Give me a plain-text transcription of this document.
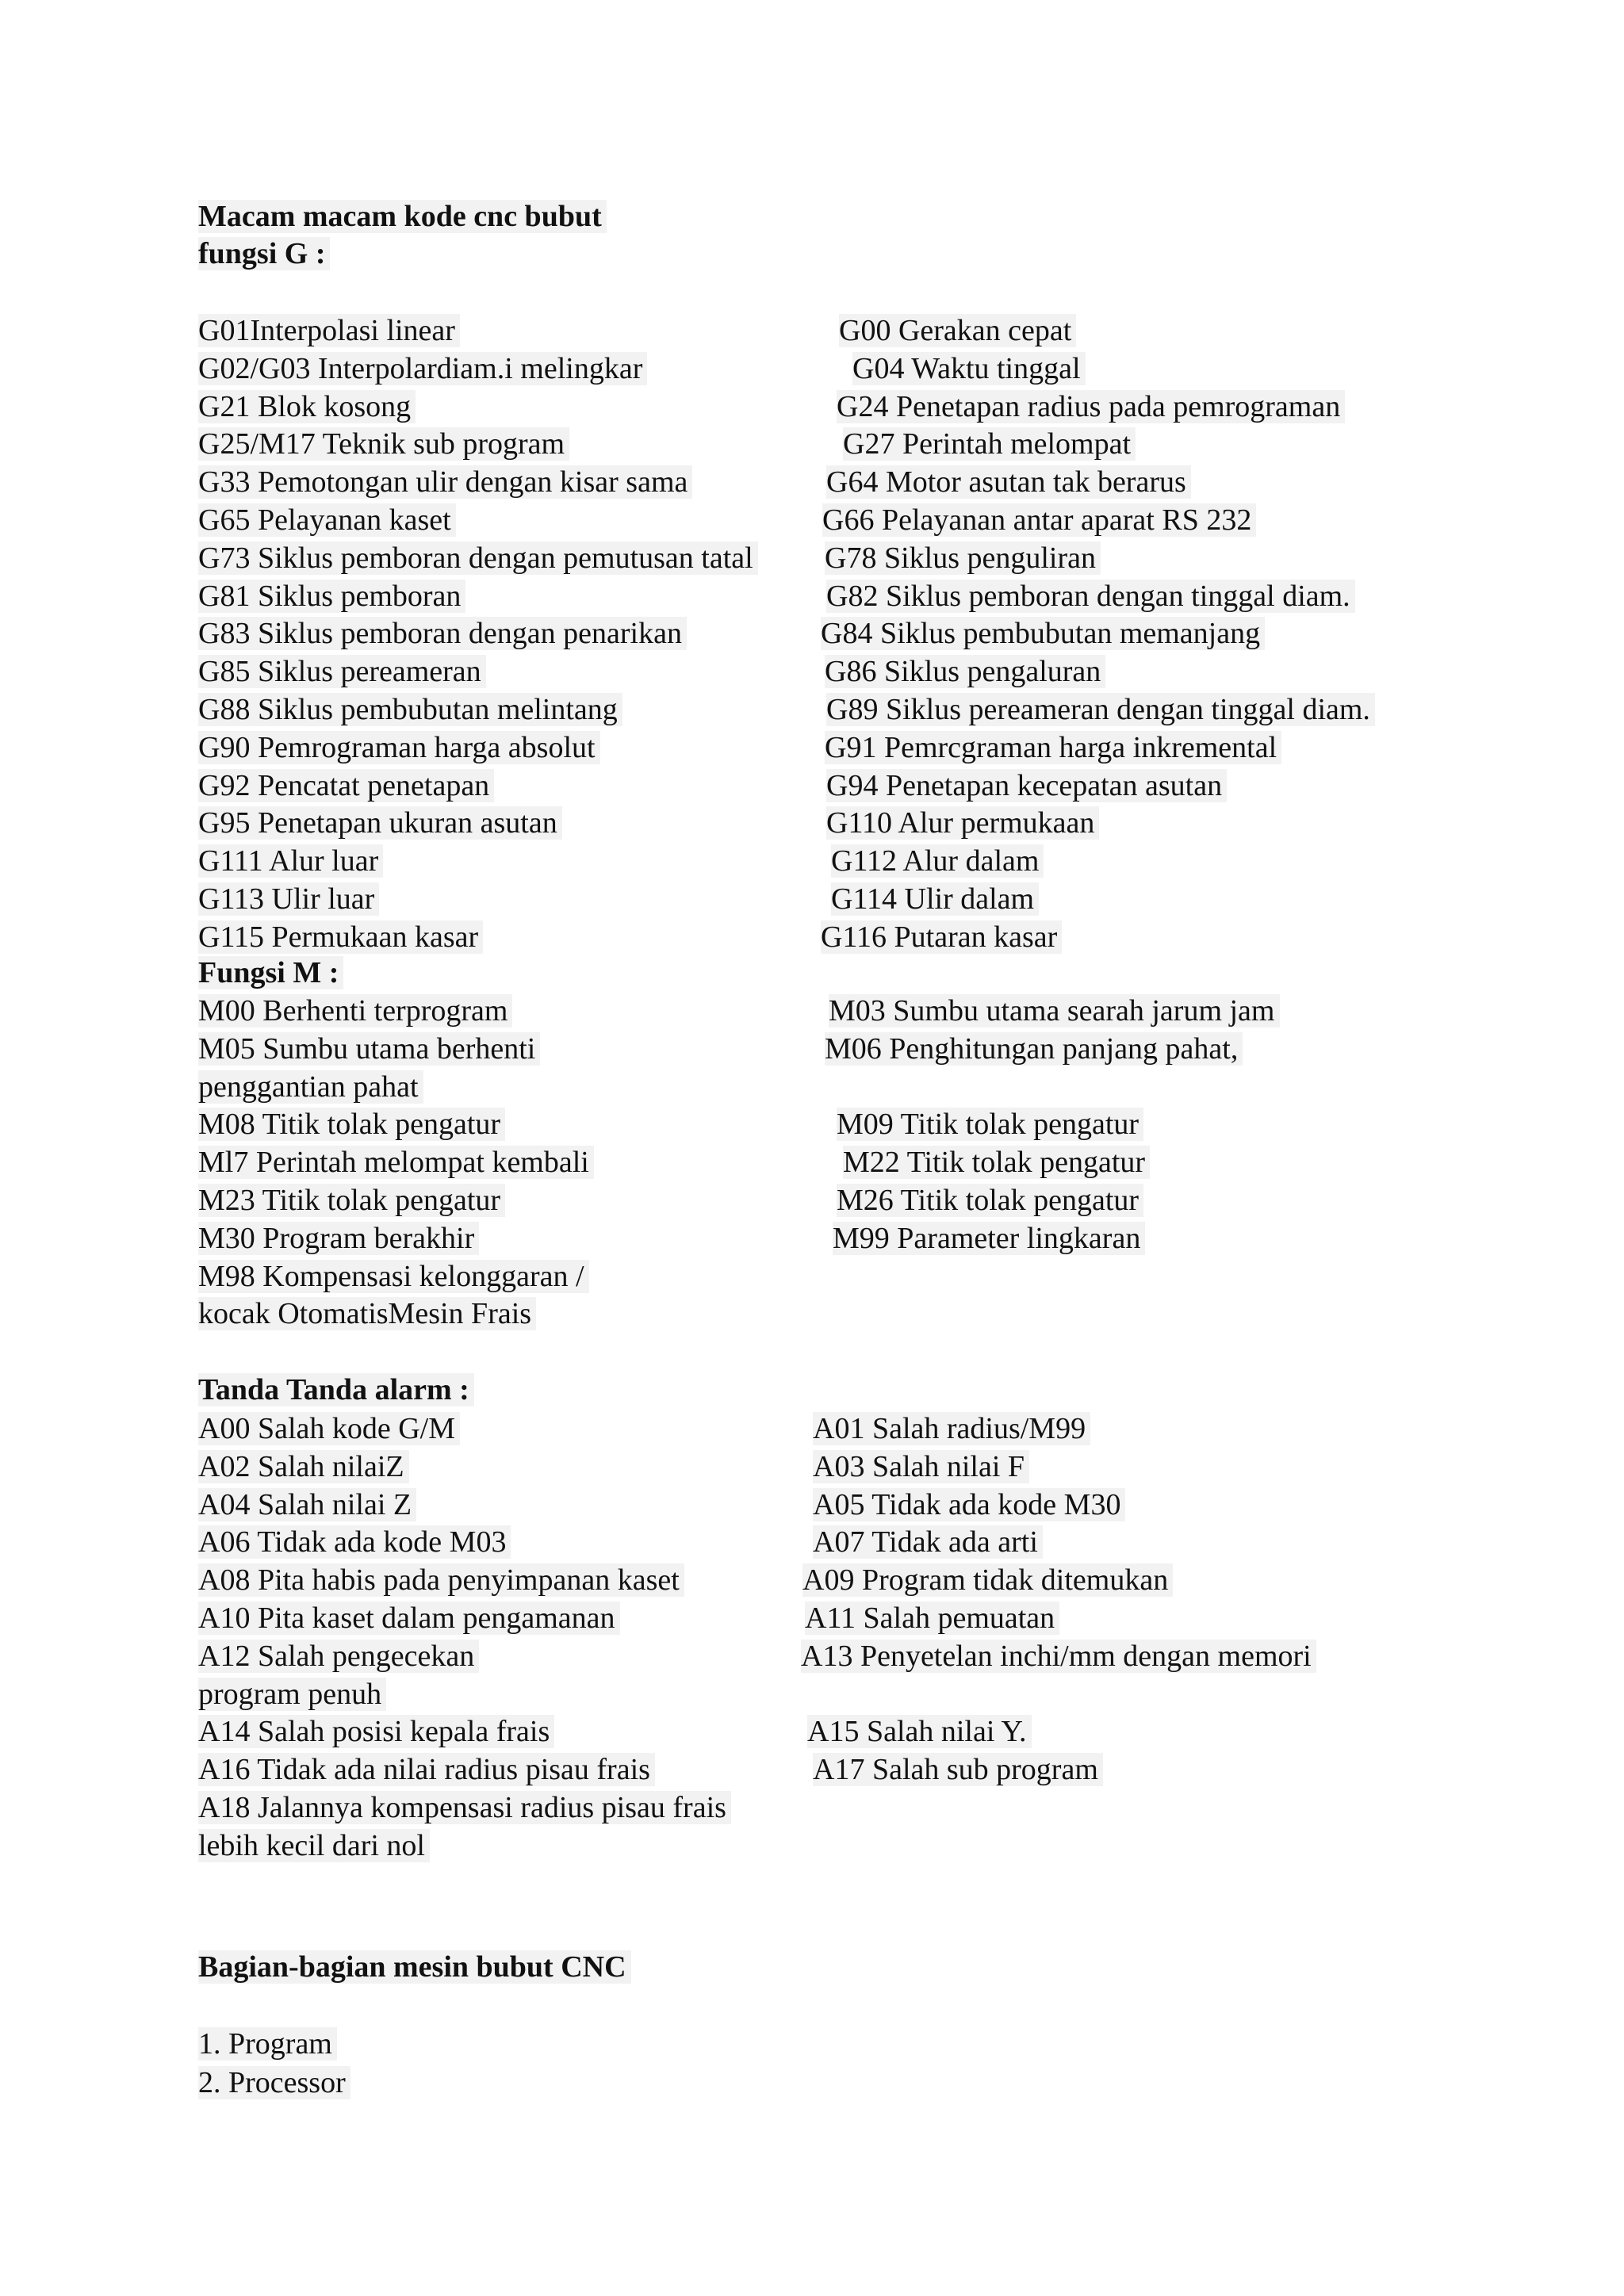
Macam macam kode cnc bubut
fungsi G :
G01Interpolasi linear
G02/G03 Interpolardiam.i melingkar
G21 Blok kosong
G25/M17 Teknik sub program
G33 Pemotongan ulir dengan kisar sama
G65 Pelayanan kaset
G73 Siklus pemboran dengan pemutusan tatal
G81 Siklus pemboran
G83 Siklus pemboran dengan penarikan
G85 Siklus pereameran
G88 Siklus pembubutan melintang
G90 Pemrograman harga absolut
G92 Pencatat penetapan
G95 Penetapan ukuran asutan
G111 Alur luar
G113 Ulir luar
G115 Permukaan kasar
G00 Gerakan cepat
G04 Waktu tinggal
G24 Penetapan radius pada pemrograman
G27 Perintah melompat
G64 Motor asutan tak berarus
G66 Pelayanan antar aparat RS 232
G78 Siklus penguliran
G82 Siklus pemboran dengan tinggal diam.
G84 Siklus pembubutan memanjang
G86 Siklus pengaluran
G89 Siklus pereameran dengan tinggal diam.
G91 Pemrcgraman harga inkremental
G94 Penetapan kecepatan asutan
G110 Alur permukaan
G112 Alur dalam
G114 Ulir dalam
G116 Putaran kasar
Fungsi M :
M00 Berhenti terprogram
M05 Sumbu utama berhenti
penggantian pahat
M08 Titik tolak pengatur
Ml7 Perintah melompat kembali
M23 Titik tolak pengatur
M30 Program berakhir
M98 Kompensasi kelonggaran /
kocak OtomatisMesin Frais
M03 Sumbu utama searah jarum jam
M06 Penghitungan panjang pahat,
M09 Titik tolak pengatur
M22 Titik tolak pengatur
M26 Titik tolak pengatur
M99 Parameter lingkaran
Tanda Tanda alarm :
A00 Salah kode G/M
A02 Salah nilaiZ
A04 Salah nilai Z
A06 Tidak ada kode M03
A08 Pita habis pada penyimpanan kaset
A10 Pita kaset dalam pengamanan
A12 Salah pengecekan
program penuh
A14 Salah posisi kepala frais
A16 Tidak ada nilai radius pisau frais
A18 Jalannya kompensasi radius pisau frais
lebih kecil dari nol
A01 Salah radius/M99
A03 Salah nilai F
A05 Tidak ada kode M30
A07 Tidak ada arti
A09 Program tidak ditemukan
A11 Salah pemuatan
A13 Penyetelan inchi/mm dengan memori
A15 Salah nilai Y.
A17 Salah sub program
Bagian-bagian mesin bubut CNC
1. Program
2. Processor
